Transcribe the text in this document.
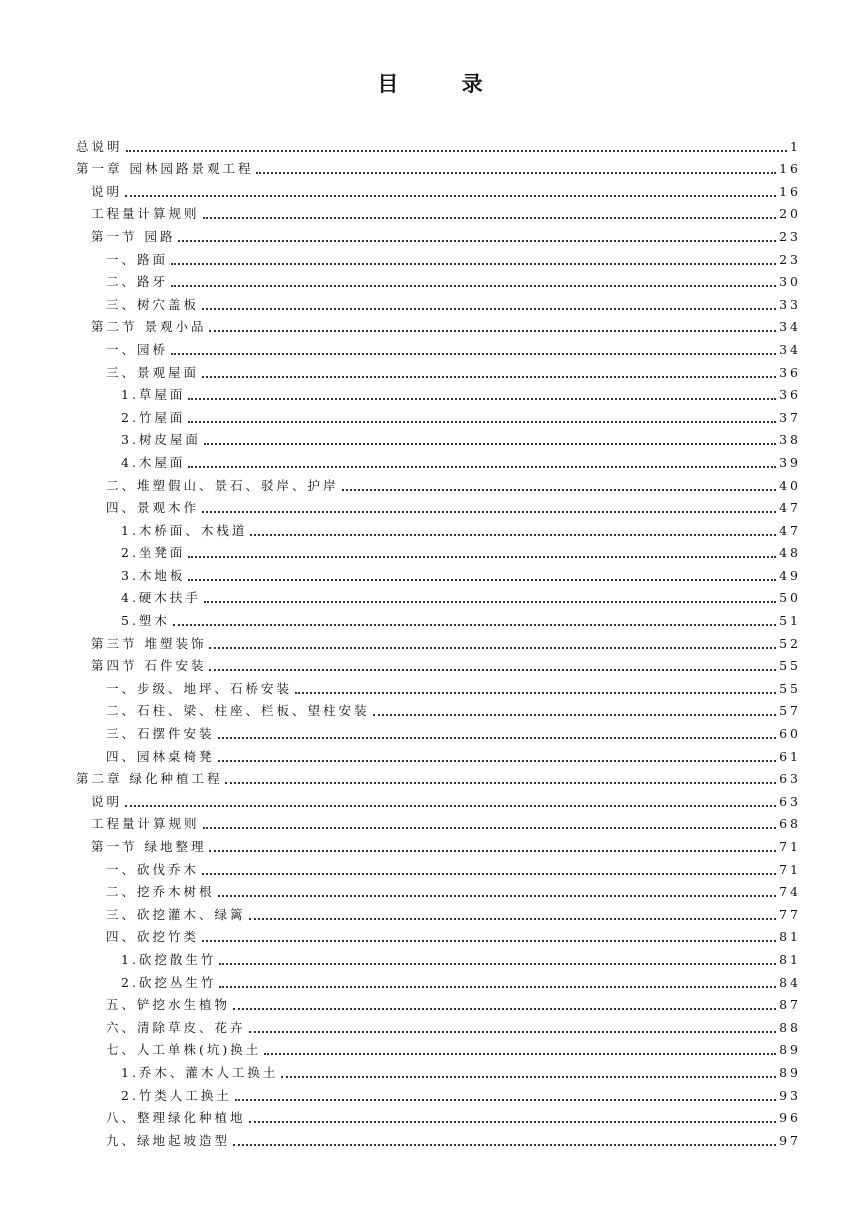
目 录
总说明	1
第一章 园林园路景观工程	16
说明	16
工程量计算规则	20
第一节 园路	23
一、路面	23
二、路牙	30
三、树穴盖板	33
第二节 景观小品	34
一、园桥	34
三、景观屋面	36
1.草屋面	36
2.竹屋面	37
3.树皮屋面	38
4.木屋面	39
二、堆塑假山、景石、驳岸、护岸	40
四、景观木作	47
1.木桥面、木栈道	47
2.坐凳面	48
3.木地板	49
4.硬木扶手	50
5.塑木	51
第三节 堆塑装饰	52
第四节 石件安装	55
一、步级、地坪、石桥安装	55
二、石柱、梁、柱座、栏板、望柱安装	57
三、石摆件安装	60
四、园林桌椅凳	61
第二章 绿化种植工程	63
说明	63
工程量计算规则	68
第一节 绿地整理	71
一、砍伐乔木	71
二、挖乔木树根	74
三、砍挖灌木、绿篱	77
四、砍挖竹类	81
1.砍挖散生竹	81
2.砍挖丛生竹	84
五、铲挖水生植物	87
六、清除草皮、花卉	88
七、人工单株(坑)换土	89
1.乔木、灌木人工换土	89
2.竹类人工换土	93
八、整理绿化种植地	96
九、绿地起坡造型	97
